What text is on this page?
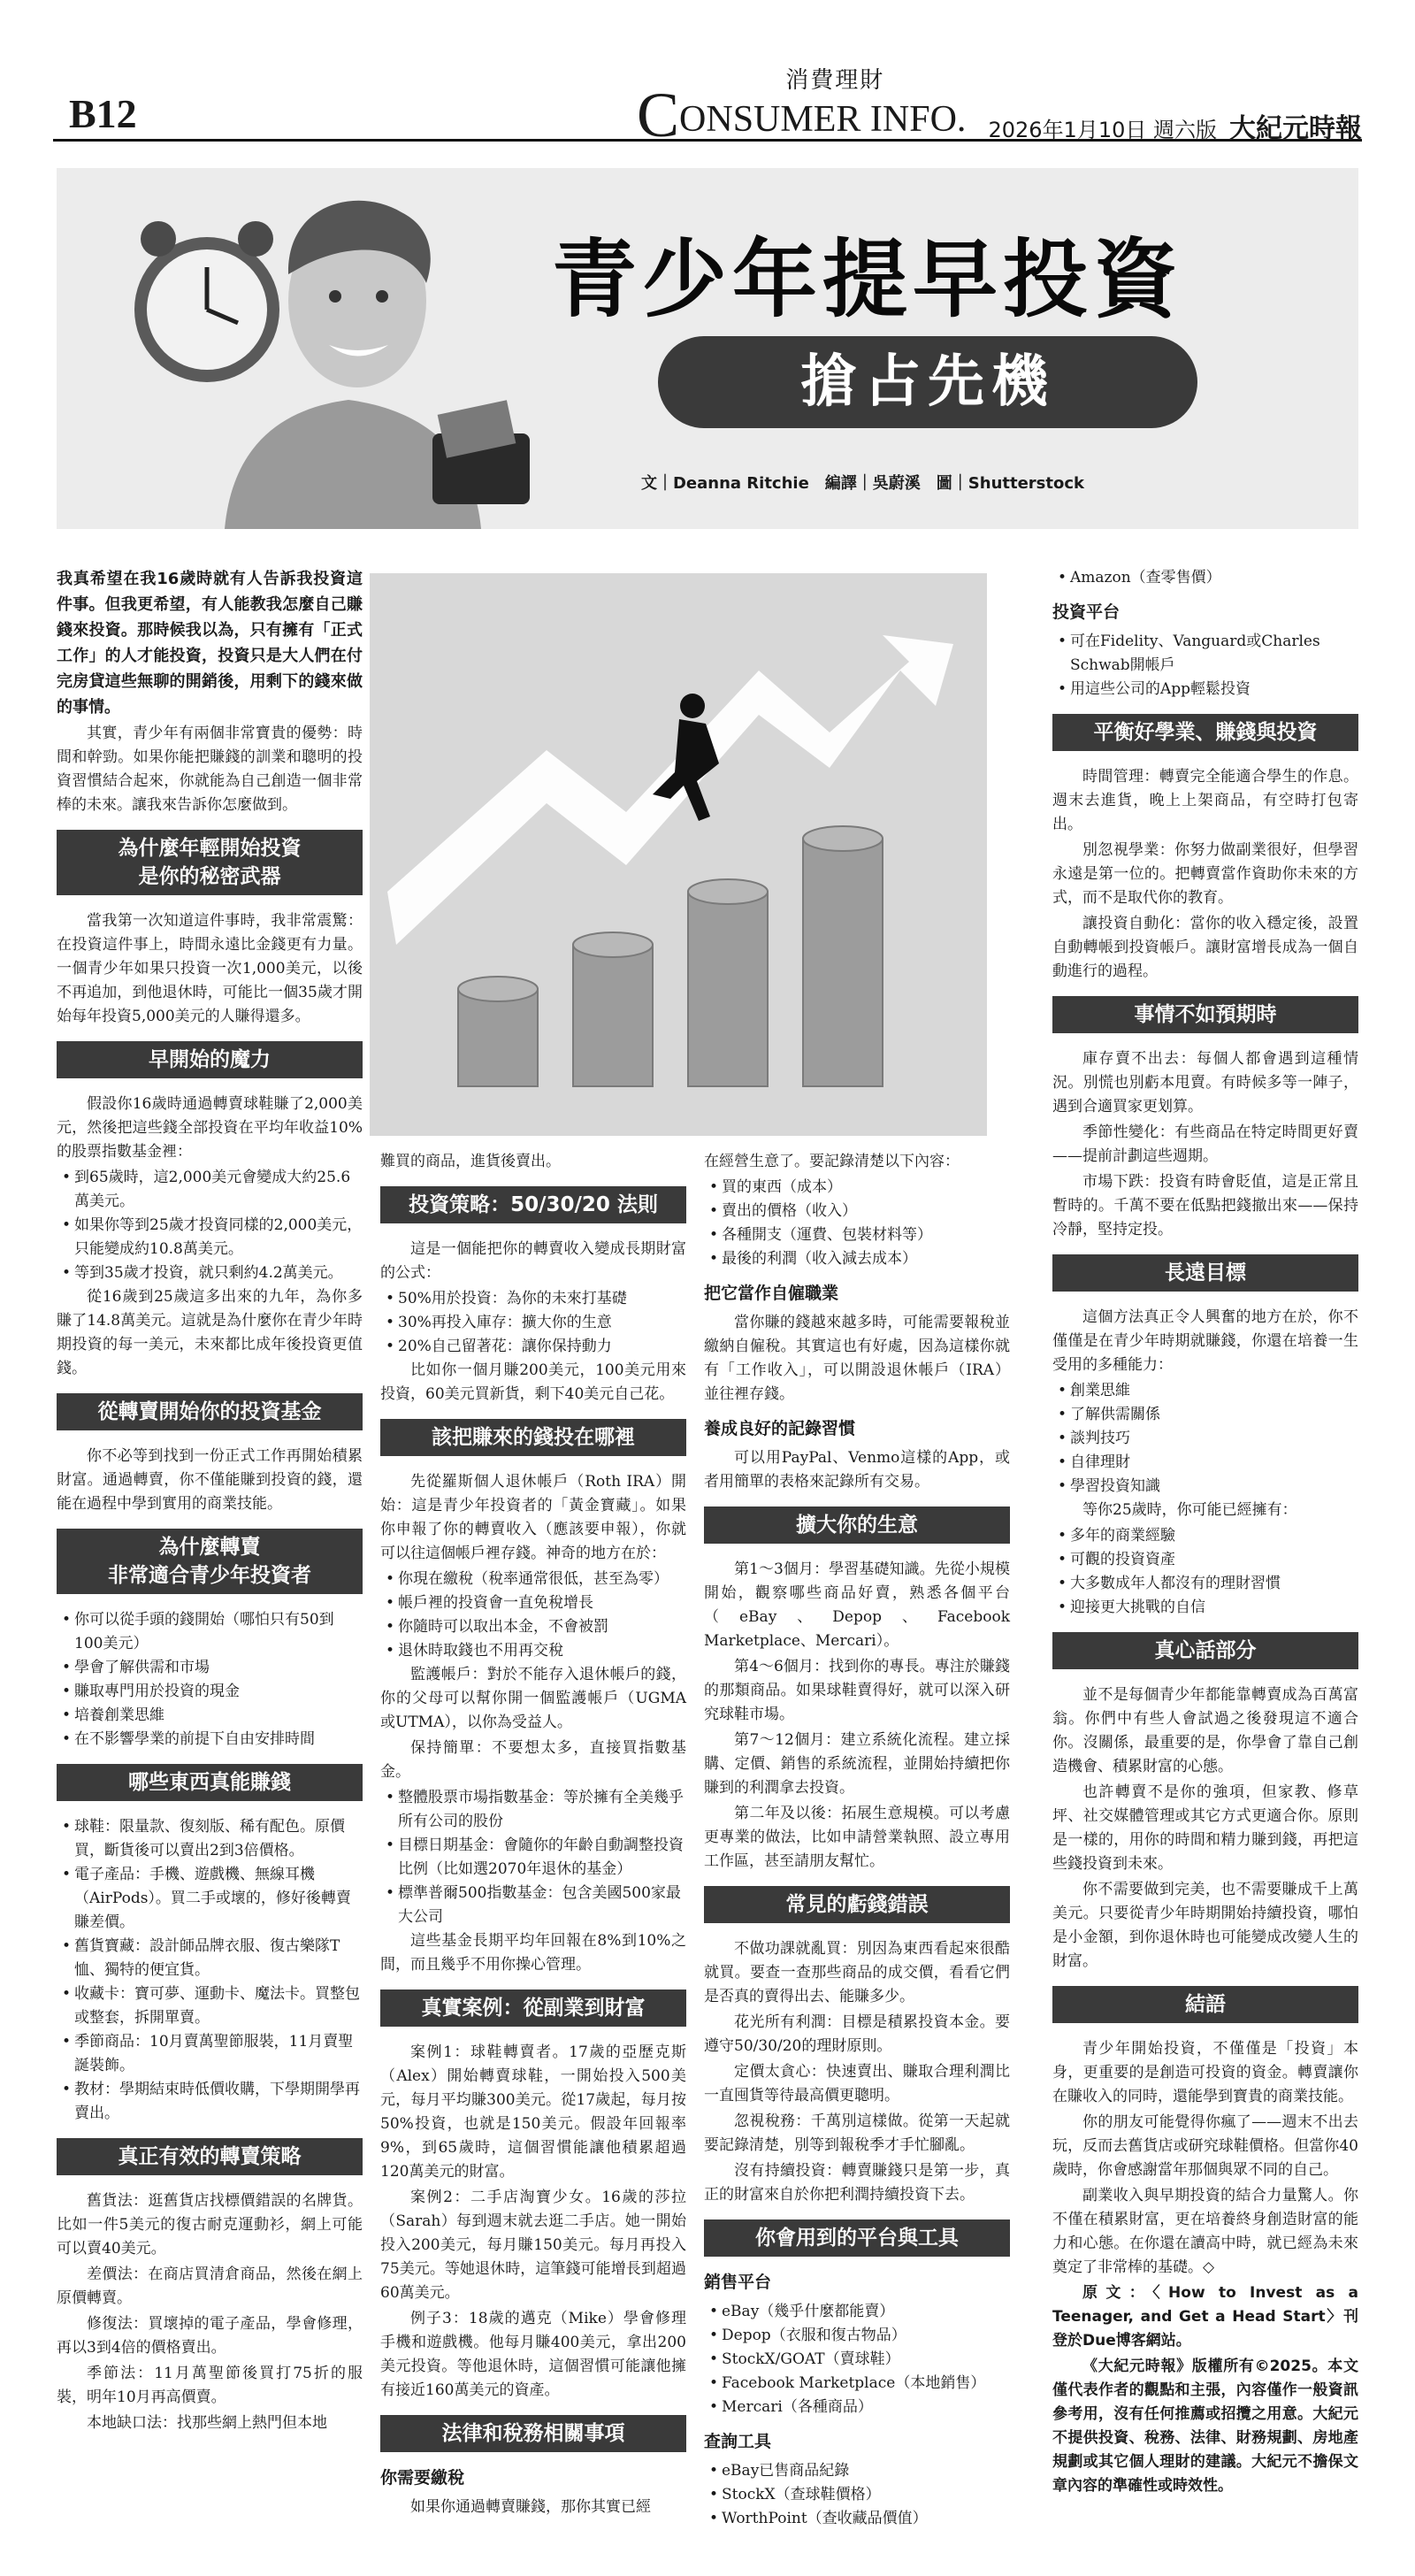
B12
消費理財
CONSUMER INFO. 2026年1月10日 週六版 大紀元時報
青少年提早投資
搶占先機
文｜Deanna Ritchie　編譯｜吳蔚溪　圖｜Shutterstock

我真希望在我16歲時就有人告訴我投資這件事。但我更希望，有人能教我怎麼自己賺錢來投資。那時候我以為，只有擁有「正式工作」的人才能投資，投資只是大人們在付完房貸這些無聊的開銷後，用剩下的錢來做的事情。

其實，青少年有兩個非常寶貴的優勢：時間和幹勁。如果你能把賺錢的訓業和聰明的投資習慣結合起來，你就能為自己創造一個非常棒的未來。讓我來告訴你怎麼做到。

為什麼年輕開始投資
是你的秘密武器

當我第一次知道這件事時，我非常震驚：在投資這件事上，時間永遠比金錢更有力量。一個青少年如果只投資一次1,000美元，以後不再追加，到他退休時，可能比一個35歲才開始每年投資5,000美元的人賺得還多。

早開始的魔力

假設你16歲時通過轉賣球鞋賺了2,000美元，然後把這些錢全部投資在平均年收益10%的股票指數基金裡：

• 到65歲時，這2,000美元會變成大約25.6萬美元。
• 如果你等到25歲才投資同樣的2,000美元，只能變成約10.8萬美元。
• 等到35歲才投資，就只剩約4.2萬美元。

從16歲到25歲這多出來的九年，為你多賺了14.8萬美元。這就是為什麼你在青少年時期投資的每一美元，未來都比成年後投資更值錢。

從轉賣開始你的投資基金

你不必等到找到一份正式工作再開始積累財富。通過轉賣，你不僅能賺到投資的錢，還能在過程中學到實用的商業技能。

為什麼轉賣
非常適合青少年投資者
• 你可以從手頭的錢開始（哪怕只有50到100美元）
• 學會了解供需和市場
• 賺取專門用於投資的現金
• 培養創業思維
• 在不影響學業的前提下自由安排時間
哪些東西真能賺錢
• 球鞋：限量款、復刻版、稀有配色。原價買，斷貨後可以賣出2到3倍價格。
• 電子產品：手機、遊戲機、無線耳機（AirPods）。買二手或壞的，修好後轉賣賺差價。
• 舊貨寶藏：設計師品牌衣服、復古樂隊T恤、獨特的便宜貨。
• 收藏卡：寶可夢、運動卡、魔法卡。買整包或整套，拆開單賣。
• 季節商品：10月賣萬聖節服裝，11月賣聖誕裝飾。
• 教材：學期結束時低價收購，下學期開學再賣出。
真正有效的轉賣策略

舊貨法：逛舊貨店找標價錯誤的名牌貨。比如一件5美元的復古耐克運動衫，網上可能可以賣40美元。

差價法：在商店買清倉商品，然後在網上原價轉賣。

修復法：買壞掉的電子產品，學會修理，再以3到4倍的價格賣出。

季節法：11月萬聖節後買打75折的服裝，明年10月再高價賣。

本地缺口法：找那些網上熱門但本地

難買的商品，進貨後賣出。

投資策略：50/30/20 法則

這是一個能把你的轉賣收入變成長期財富的公式：

• 50%用於投資：為你的未來打基礎
• 30%再投入庫存：擴大你的生意
• 20%自己留著花：讓你保持動力

比如你一個月賺200美元，100美元用來投資，60美元買新貨，剩下40美元自己花。

該把賺來的錢投在哪裡

先從羅斯個人退休帳戶（Roth IRA）開始：這是青少年投資者的「黃金寶藏」。如果你申報了你的轉賣收入（應該要申報），你就可以往這個帳戶裡存錢。神奇的地方在於：

• 你現在繳稅（稅率通常很低，甚至為零）
• 帳戶裡的投資會一直免稅增長
• 你隨時可以取出本金，不會被罰
• 退休時取錢也不用再交稅

監護帳戶：對於不能存入退休帳戶的錢，你的父母可以幫你開一個監護帳戶（UGMA或UTMA），以你為受益人。

保持簡單：不要想太多，直接買指數基金。

• 整體股票市場指數基金：等於擁有全美幾乎所有公司的股份
• 目標日期基金：會隨你的年齡自動調整投資比例（比如選2070年退休的基金）
• 標準普爾500指數基金：包含美國500家最大公司

這些基金長期平均年回報在8%到10%之間，而且幾乎不用你操心管理。

真實案例：從副業到財富

案例1：球鞋轉賣者。17歲的亞歷克斯（Alex）開始轉賣球鞋，一開始投入500美元，每月平均賺300美元。從17歲起，每月按50%投資，也就是150美元。假設年回報率9%，到65歲時，這個習慣能讓他積累超過120萬美元的財富。

案例2：二手店淘寶少女。16歲的莎拉（Sarah）每到週末就去逛二手店。她一開始投入200美元，每月賺150美元。每月再投入75美元。等她退休時，這筆錢可能增長到超過60萬美元。

例子3：18歲的邁克（Mike）學會修理手機和遊戲機。他每月賺400美元，拿出200美元投資。等他退休時，這個習慣可能讓他擁有接近160萬美元的資產。

法律和稅務相關事項
你需要繳稅

如果你通過轉賣賺錢，那你其實已經

在經營生意了。要記錄清楚以下內容：

• 買的東西（成本）
• 賣出的價格（收入）
• 各種開支（運費、包裝材料等）
• 最後的利潤（收入減去成本）
把它當作自僱職業

當你賺的錢越來越多時，可能需要報稅並繳納自僱稅。其實這也有好處，因為這樣你就有「工作收入」，可以開設退休帳戶（IRA）並往裡存錢。

養成良好的記錄習慣

可以用PayPal、Venmo這樣的App，或者用簡單的表格來記錄所有交易。

擴大你的生意

第1～3個月：學習基礎知識。先從小規模開始，觀察哪些商品好賣，熟悉各個平台（eBay、Depop、Facebook Marketplace、Mercari）。

第4～6個月：找到你的專長。專注於賺錢的那類商品。如果球鞋賣得好，就可以深入研究球鞋市場。

第7～12個月：建立系統化流程。建立採購、定價、銷售的系統流程，並開始持續把你賺到的利潤拿去投資。

第二年及以後：拓展生意規模。可以考慮更專業的做法，比如申請營業執照、設立專用工作區，甚至請朋友幫忙。

常見的虧錢錯誤

不做功課就亂買：別因為東西看起來很酷就買。要查一查那些商品的成交價，看看它們是否真的賣得出去、能賺多少。

花光所有利潤：目標是積累投資本金。要遵守50/30/20的理財原則。

定價太貪心：快速賣出、賺取合理利潤比一直囤貨等待最高價更聰明。

忽視稅務：千萬別這樣做。從第一天起就要記錄清楚，別等到報稅季才手忙腳亂。

沒有持續投資：轉賣賺錢只是第一步，真正的財富來自於你把利潤持續投資下去。

你會用到的平台與工具
銷售平台
• eBay（幾乎什麼都能賣）
• Depop（衣服和復古物品）
• StockX/GOAT（賣球鞋）
• Facebook Marketplace（本地銷售）
• Mercari（各種商品）
查詢工具
• eBay已售商品紀錄
• StockX（查球鞋價格）
• WorthPoint（查收藏品價值）
• Amazon（查零售價）
投資平台
• 可在Fidelity、Vanguard或Charles Schwab開帳戶
• 用這些公司的App輕鬆投資
平衡好學業、賺錢與投資

時間管理：轉賣完全能適合學生的作息。週末去進貨，晚上上架商品，有空時打包寄出。

別忽視學業：你努力做副業很好，但學習永遠是第一位的。把轉賣當作資助你未來的方式，而不是取代你的教育。

讓投資自動化：當你的收入穩定後，設置自動轉帳到投資帳戶。讓財富增長成為一個自動進行的過程。

事情不如預期時

庫存賣不出去：每個人都會遇到這種情況。別慌也別虧本甩賣。有時候多等一陣子，遇到合適買家更划算。

季節性變化：有些商品在特定時間更好賣——提前計劃這些週期。

市場下跌：投資有時會貶值，這是正常且暫時的。千萬不要在低點把錢撤出來——保持冷靜，堅持定投。

長遠目標

這個方法真正令人興奮的地方在於，你不僅僅是在青少年時期就賺錢，你還在培養一生受用的多種能力：

• 創業思維
• 了解供需關係
• 談判技巧
• 自律理財
• 學習投資知識

等你25歲時，你可能已經擁有：

• 多年的商業經驗
• 可觀的投資資產
• 大多數成年人都沒有的理財習慣
• 迎接更大挑戰的自信
真心話部分

並不是每個青少年都能靠轉賣成為百萬富翁。你們中有些人會試過之後發現這不適合你。沒關係，最重要的是，你學會了靠自己創造機會、積累財富的心態。

也許轉賣不是你的強項，但家教、修草坪、社交媒體管理或其它方式更適合你。原則是一樣的，用你的時間和精力賺到錢，再把這些錢投資到未來。

你不需要做到完美，也不需要賺成千上萬美元。只要從青少年時期開始持續投資，哪怕是小金額，到你退休時也可能變成改變人生的財富。

結語

青少年開始投資，不僅僅是「投資」本身，更重要的是創造可投資的資金。轉賣讓你在賺收入的同時，還能學到寶貴的商業技能。

你的朋友可能覺得你瘋了——週末不出去玩，反而去舊貨店或研究球鞋價格。但當你40歲時，你會感謝當年那個與眾不同的自己。

副業收入與早期投資的結合力量驚人。你不僅在積累財富，更在培養終身創造財富的能力和心態。在你還在讀高中時，就已經為未來奠定了非常棒的基礎。◇

原文：〈How to Invest as a Teenager, and Get a Head Start〉刊登於Due博客網站。

《大紀元時報》版權所有©2025。本文僅代表作者的觀點和主張，內容僅作一般資訊參考用，沒有任何推薦或招攬之用意。大紀元不提供投資、稅務、法律、財務規劃、房地產規劃或其它個人理財的建議。大紀元不擔保文章內容的準確性或時效性。
